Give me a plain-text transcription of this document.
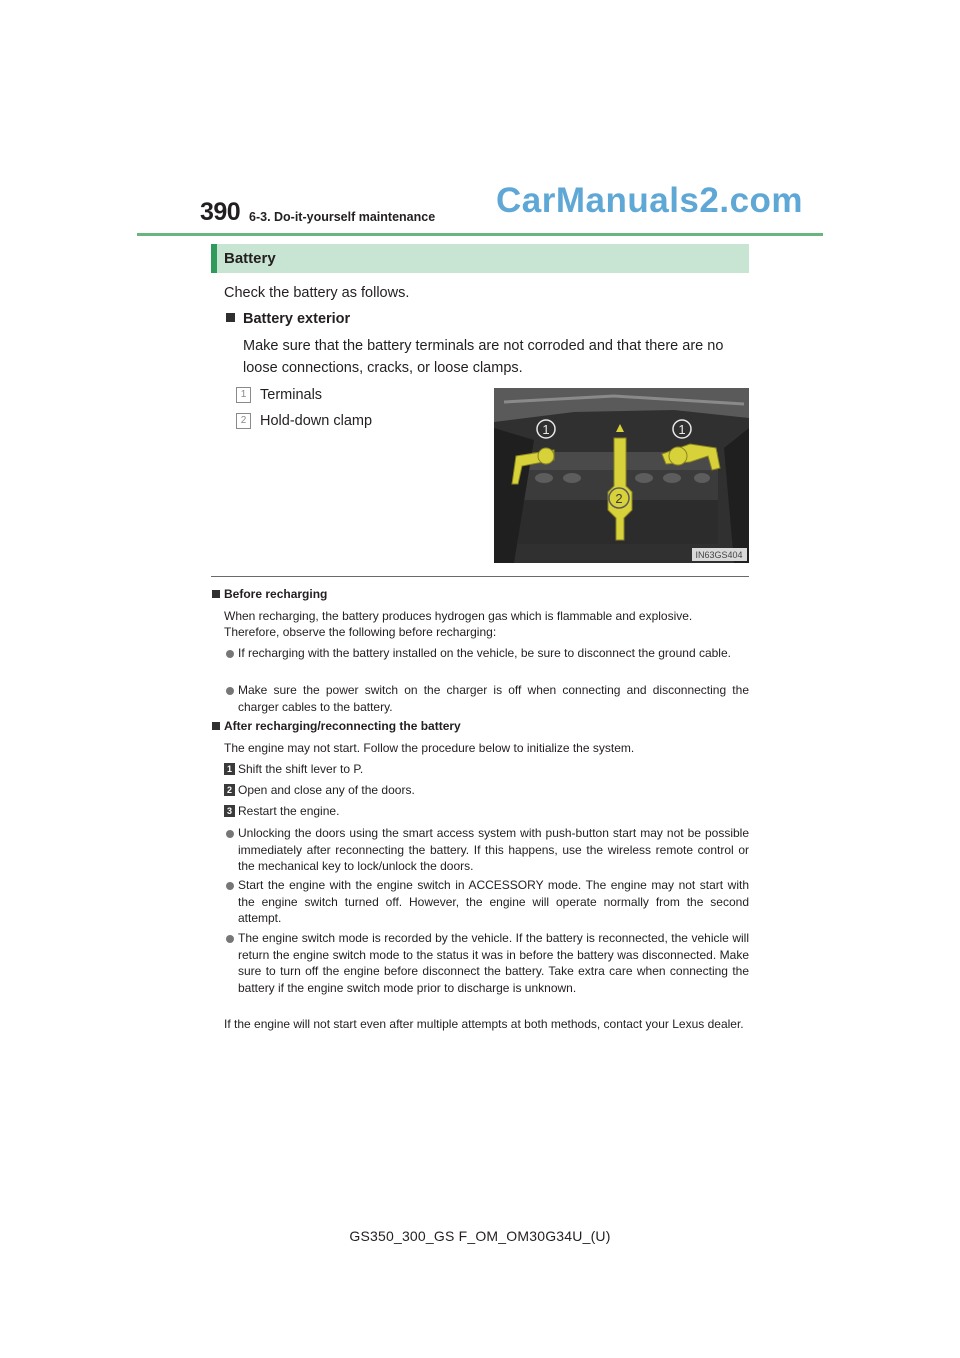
390 6-3. Do-it-yourself maintenance CarManuals2.com
Battery
Check the battery as follows.
Battery exterior
Make sure that the battery terminals are not corroded and that there are no
loose connections, cracks, or loose clamps.
1 Terminals
2 Hold-down clamp
1	1
2
IN63GS404
Before recharging
When recharging, the battery produces hydrogen gas which is flammable and explosive.
Therefore, observe the following before recharging:
If recharging with the battery installed on the vehicle, be sure to disconnect the ground cable.
Make sure the power switch on the charger is off when connecting and disconnecting the charger cables to the battery.
After recharging/reconnecting the battery
The engine may not start. Follow the procedure below to initialize the system.
1 Shift the shift lever to P.
2 Open and close any of the doors.
3 Restart the engine.
Unlocking the doors using the smart access system with push-button start may not be possible immediately after reconnecting the battery. If this happens, use the wireless remote control or the mechanical key to lock/unlock the doors.
Start the engine with the engine switch in ACCESSORY mode. The engine may not start with the engine switch turned off. However, the engine will operate normally from the second attempt.
The engine switch mode is recorded by the vehicle. If the battery is reconnected, the vehicle will return the engine switch mode to the status it was in before the battery was disconnected. Make sure to turn off the engine before disconnect the battery. Take extra care when connecting the battery if the engine switch mode prior to discharge is unknown.
If the engine will not start even after multiple attempts at both methods, contact your Lexus dealer.
GS350_300_GS F_OM_OM30G34U_(U)
